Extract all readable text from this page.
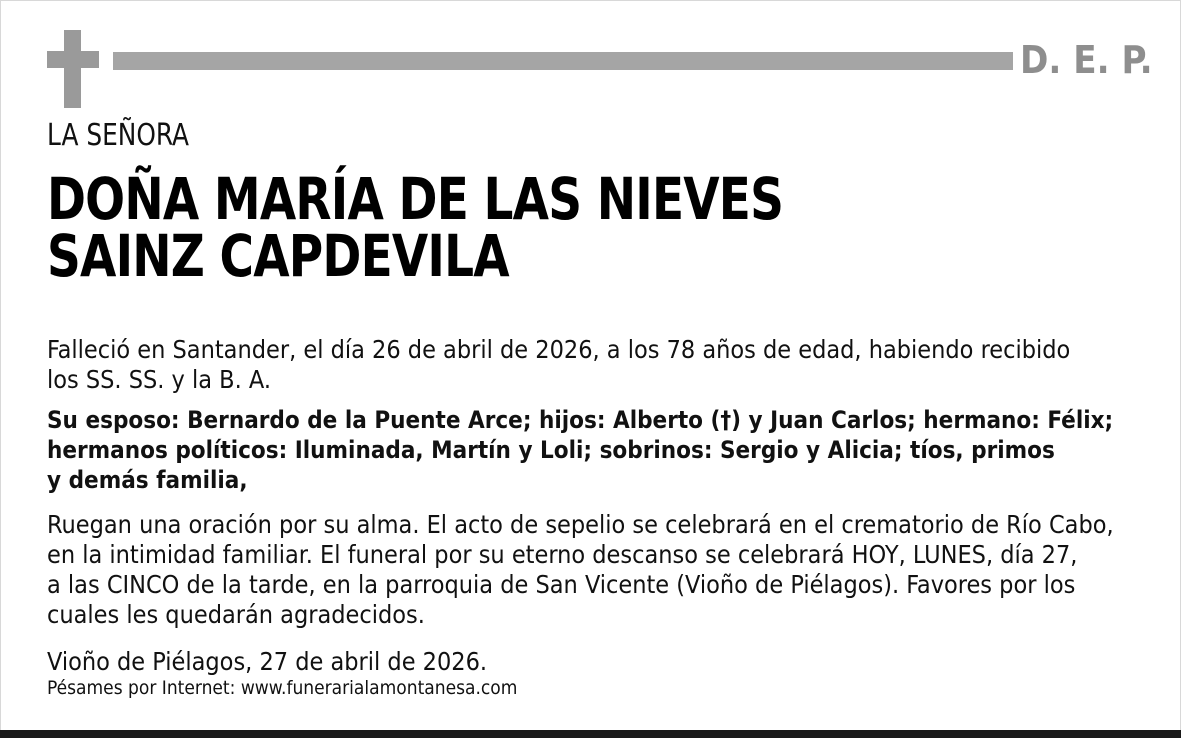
D. E. P.
LA SEÑORA
DOÑA MARÍA DE LAS NIEVES
SAINZ CAPDEVILA
Falleció en Santander, el día 26 de abril de 2026, a los 78 años de edad, habiendo recibido
los SS. SS. y la B. A.
Su esposo: Bernardo de la Puente Arce; hijos: Alberto (†) y Juan Carlos; hermano: Félix;
hermanos políticos: Iluminada, Martín y Loli; sobrinos: Sergio y Alicia; tíos, primos
y demás familia,
Ruegan una oración por su alma. El acto de sepelio se celebrará en el crematorio de Río Cabo,
en la intimidad familiar. El funeral por su eterno descanso se celebrará HOY, LUNES, día 27,
a las CINCO de la tarde, en la parroquia de San Vicente (Vioño de Piélagos). Favores por los
cuales les quedarán agradecidos.
Vioño de Piélagos, 27 de abril de 2026.
Pésames por Internet: www.funerarialamontanesa.com
